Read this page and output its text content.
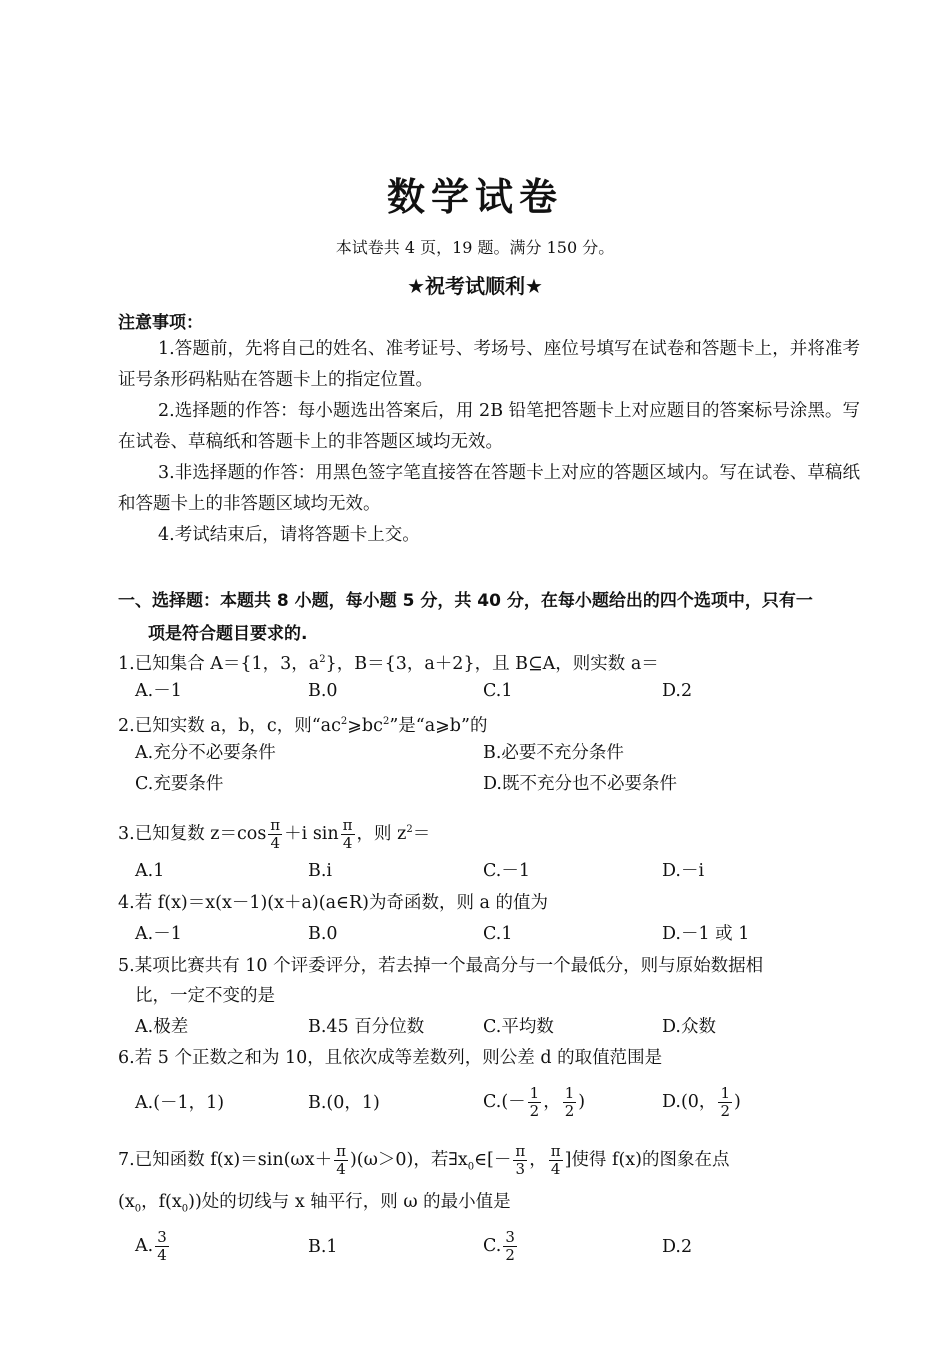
数学试卷
本试卷共 4 页，19 题。满分 150 分。
★祝考试顺利★
注意事项：
1.答题前，先将自己的姓名、准考证号、考场号、座位号填写在试卷和答题卡上，并将准考证号条形码粘贴在答题卡上的指定位置。
2.选择题的作答：每小题选出答案后，用 2B 铅笔把答题卡上对应题目的答案标号涂黑。写在试卷、草稿纸和答题卡上的非答题区域均无效。
3.非选择题的作答：用黑色签字笔直接答在答题卡上对应的答题区域内。写在试卷、草稿纸和答题卡上的非答题区域均无效。
4.考试结束后，请将答题卡上交。
一、选择题：本题共 8 小题，每小题 5 分，共 40 分，在每小题给出的四个选项中，只有一
项是符合题目要求的.
1.已知集合 A＝{1，3，$a^2$}，B＝{3，a＋2}，且 B⊆A，则实数 a＝
A.－1	B.0	C.1	D.2
2.已知实数 a，b，c，则“$ac^2⩾bc^2$”是“a⩾b”的
A.充分不必要条件	B.必要不充分条件
C.充要条件	D.既不充分也不必要条件
3.已知复数 $z=\cos \frac{\pi}{4} +i$ $\sin \frac{\pi}{4}$ ，则 $z^2=$
A.1	B.i	C.－1	D.－i
4.若 f(x)＝x(x－1)(x＋a)(a∈R)为奇函数，则 a 的值为
A.－1	B.0	C.1	D.－1 或 1
5.某项比赛共有 10 个评委评分，若去掉一个最高分与一个最低分，则与原始数据相
比，一定不变的是
A.极差	B.45 百分位数	C.平均数	D.众数
6.若 5 个正数之和为 10，且依次成等差数列，则公差 d 的取值范围是
A.(－1，1)	B.(0，1)	$C.(- \frac{1}{2}$ ， $\frac{1}{2}$ )	D.(0， $\frac{1}{2}$ )
7.已知函数 $f(x)=\sin(\omega x+ \frac{\pi}{4} )(\omega>0)$，若$\exists x_0\in[- \frac{\pi}{3}$ ， $\frac{\pi}{4}$ ]使得 f(x)的图象在点
($x_0$，$f(x_0)$)处的切线与 x 轴平行，则 ω 的最小值是
A. $\frac{3}{4}$	B.1	C. $\frac{3}{2}$	D.2
